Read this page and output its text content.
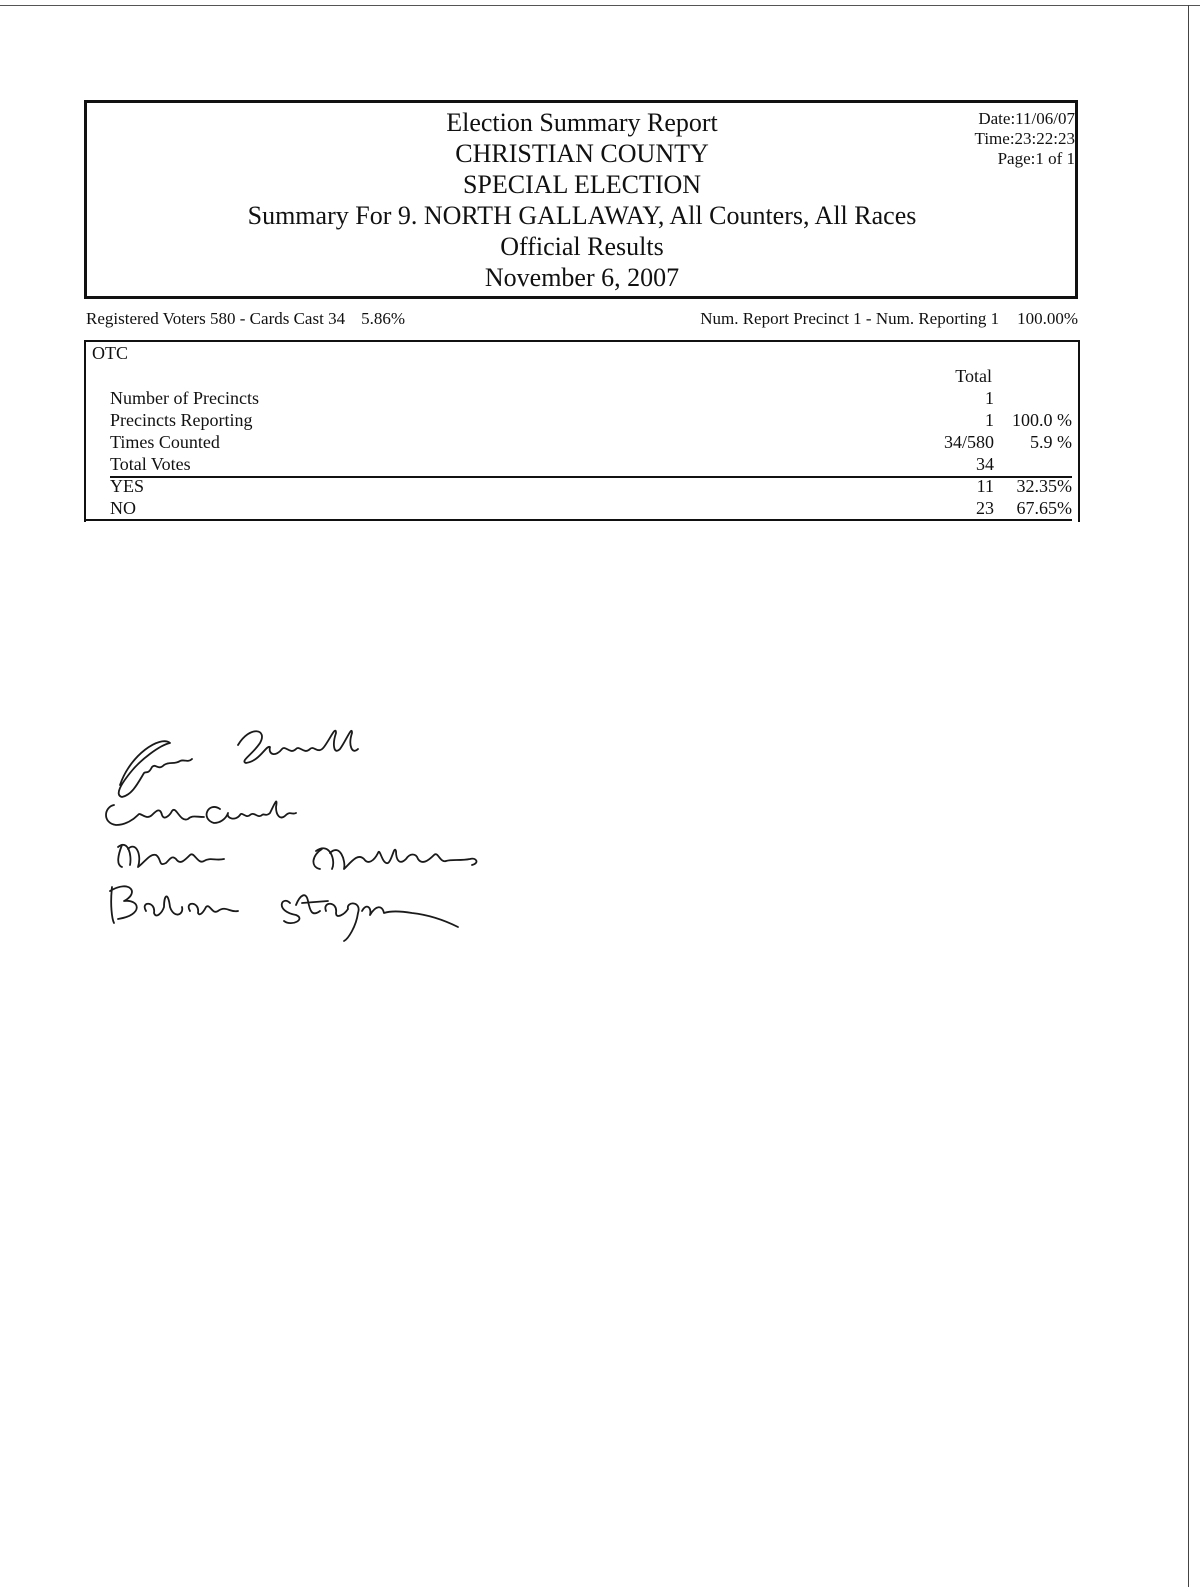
Election Summary Report
CHRISTIAN COUNTY
SPECIAL ELECTION
Summary For 9. NORTH GALLAWAY, All Counters, All Races
Official Results
November 6, 2007
Date:11/06/07
Time:23:22:23
Page:1 of 1
Registered Voters 580 - Cards Cast 34 5.86%	Num. Report Precinct 1 - Num. Reporting 1 100.00%
OTC
Total
Number of Precincts	1
Precincts Reporting	1 100.0 %
Times Counted	34/580 5.9 %
Total Votes	34
YES	11 32.35%
NO	23 67.65%
